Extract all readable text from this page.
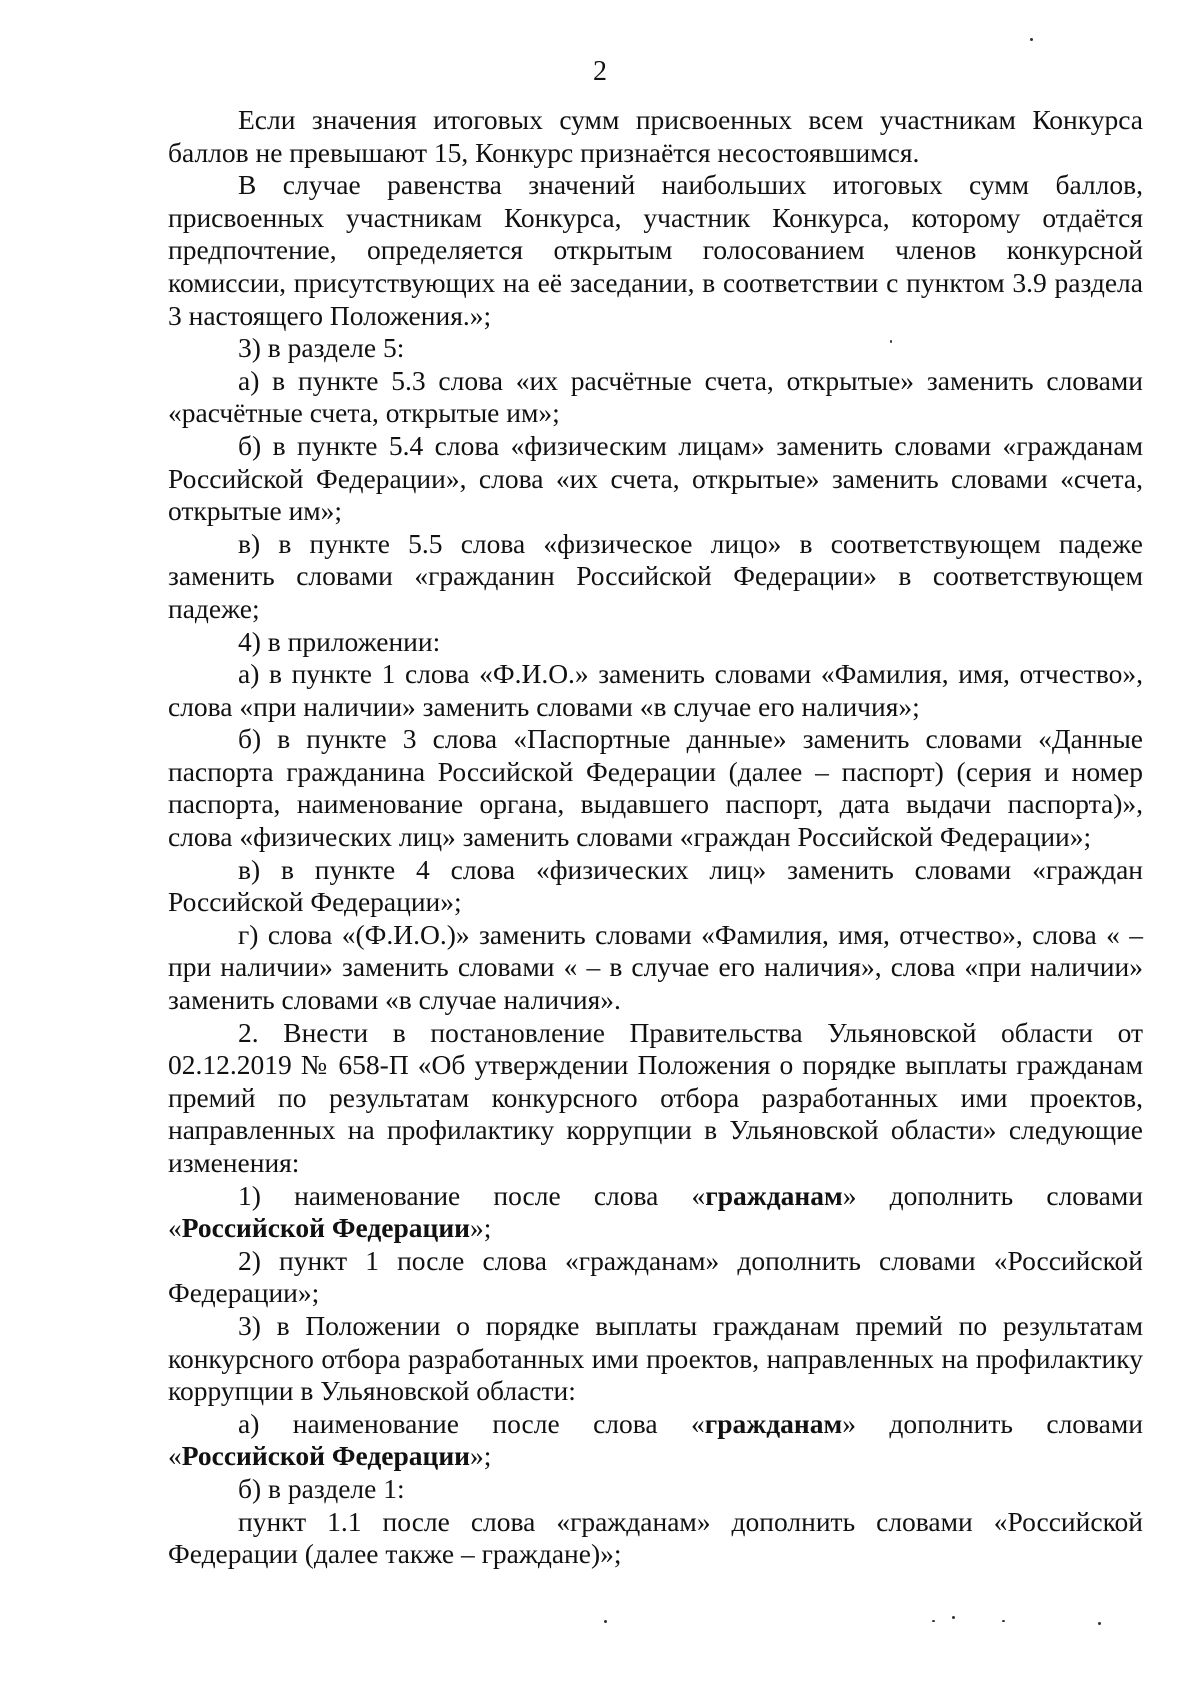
2

Если значения итоговых сумм присвоенных всем участникам Конкурса баллов не превышают 15, Конкурс признаётся несостоявшимся.

В случае равенства значений наибольших итоговых сумм баллов, присвоенных участникам Конкурса, участник Конкурса, которому отдаётся предпочтение, определяется открытым голосованием членов конкурсной комиссии, присутствующих на её заседании, в соответствии с пунктом 3.9 раздела 3 настоящего Положения.»;

3) в разделе 5:

а) в пункте 5.3 слова «их расчётные счета, открытые» заменить словами «расчётные счета, открытые им»;

б) в пункте 5.4 слова «физическим лицам» заменить словами «гражданам Российской Федерации», слова «их счета, открытые» заменить словами «счета, открытые им»;

в) в пункте 5.5 слова «физическое лицо» в соответствующем падеже заменить словами «гражданин Российской Федерации» в соответствующем падеже;

4) в приложении:

а) в пункте 1 слова «Ф.И.О.» заменить словами «Фамилия, имя, отчество», слова «при наличии» заменить словами «в случае его наличия»;

б) в пункте 3 слова «Паспортные данные» заменить словами «Данные паспорта гражданина Российской Федерации (далее – паспорт) (серия и номер паспорта, наименование органа, выдавшего паспорт, дата выдачи паспорта)», слова «физических лиц» заменить словами «граждан Российской Федерации»;

в) в пункте 4 слова «физических лиц» заменить словами «граждан Российской Федерации»;

г) слова «(Ф.И.О.)» заменить словами «Фамилия, имя, отчество», слова « – при наличии» заменить словами « – в случае его наличия», слова «при наличии» заменить словами «в случае наличия».

2. Внести в постановление Правительства Ульяновской области от 02.12.2019 № 658-П «Об утверждении Положения о порядке выплаты гражданам премий по результатам конкурсного отбора разработанных ими проектов, направленных на профилактику коррупции в Ульяновской области» следующие изменения:

1) наименование после слова «гражданам» дополнить словами «Российской Федерации»;

2) пункт 1 после слова «гражданам» дополнить словами «Российской Федерации»;

3) в Положении о порядке выплаты гражданам премий по результатам конкурсного отбора разработанных ими проектов, направленных на профилактику коррупции в Ульяновской области:

а) наименование после слова «гражданам» дополнить словами «Российской Федерации»;

б) в разделе 1:

пункт 1.1 после слова «гражданам» дополнить словами «Российской Федерации (далее также – граждане)»;
